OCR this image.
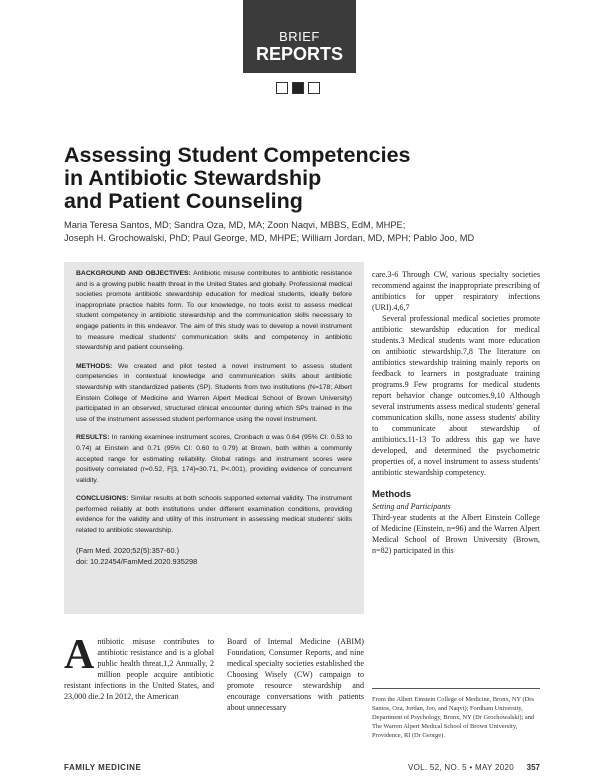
BRIEF
REPORTS
Assessing Student Competencies
in Antibiotic Stewardship
and Patient Counseling
Maria Teresa Santos, MD; Sandra Oza, MD, MA; Zoon Naqvi, MBBS, EdM, MHPE;
Joseph H. Grochowalski, PhD; Paul George, MD, MHPE; William Jordan, MD, MPH; Pablo Joo, MD

BACKGROUND AND OBJECTIVES: Antibiotic misuse contributes to antibiotic resistance and is a growing public health threat in the United States and globally. Professional medical societies promote antibiotic stewardship education for medical students, ideally before inappropriate practice habits form. To our knowledge, no tools exist to assess medical student competency in antibiotic stewardship and the communication skills necessary to engage patients in this endeavor. The aim of this study was to develop a novel instrument to measure medical students' communication skills and competency in antibiotic stewardship and patient counseling.

METHODS: We created and pilot tested a novel instrument to assess student competencies in contextual knowledge and communication skills about antibiotic stewardship with standardized patients (SP). Students from two institutions (N=178; Albert Einstein College of Medicine and Warren Alpert Medical School of Brown University) participated in an observed, structured clinical encounter during which SPs trained in the use of the instrument assessed student performance using the novel instrument.

RESULTS: In ranking examinee instrument scores, Cronbach α was 0.64 (95% CI: 0.53 to 0.74) at Einstein and 0.71 (95% CI: 0.60 to 0.79) at Brown, both within a commonly accepted range for estimating reliability. Global ratings and instrument scores were positively correlated (r=0.52, F[3, 174]=30.71, P<.001), providing evidence of concurrent validity.

CONCLUSIONS: Similar results at both schools supported external validity. The instrument performed reliably at both institutions under different examination conditions, providing evidence for the validity and utility of this instrument in assessing medical students' skills related to antibiotic stewardship.

(Fam Med. 2020;52(5):357-60.)

doi: 10.22454/FamMed.2020.935298

care.3-6 Through CW, various specialty societies recommend against the inappropriate prescribing of antibiotics for upper respiratory infections (URI).4,6,7

Several professional medical societies promote antibiotic stewardship education for medical students.3 Medical students want more education on antibiotic stewardship.7,8 The literature on antibiotics stewardship training mainly reports on feedback to learners in postgraduate training programs.9 Few programs for medical students report behavior change outcomes.9,10 Although several instruments assess medical students' general communication skills, none assess students' ability to communicate about stewardship of antibiotics.11-13 To address this gap we have developed, and determined the psychometric properties of, a novel instrument to assess students' antibiotic stewardship competency.

Methods
Setting and Participants

Third-year students at the Albert Einstein College of Medicine (Einstein, n=96) and the Warren Alpert Medical School of Brown University (Brown, n=82) participated in this

From the Albert Einstein College of Medicine, Bronx, NY (Drs Santos, Oza, Jordan, Joo, and Naqvi); Fordham University, Department of Psychology, Bronx, NY (Dr Grochowalski); and The Warren Alpert Medical School of Brown University, Providence, RI (Dr George).
Antibiotic misuse contributes to antibiotic resistance and is a global public health threat.1,2 Annually, 2 million people acquire antibiotic resistant infections in the United States, and 23,000 die.2 In 2012, the American
Board of Internal Medicine (ABIM) Foundation, Consumer Reports, and nine medical specialty societies established the Choosing Wisely (CW) campaign to promote resource stewardship and encourage conversations with patients about unnecessary
FAMILY MEDICINE	VOL. 52, NO. 5 • MAY 2020 357
